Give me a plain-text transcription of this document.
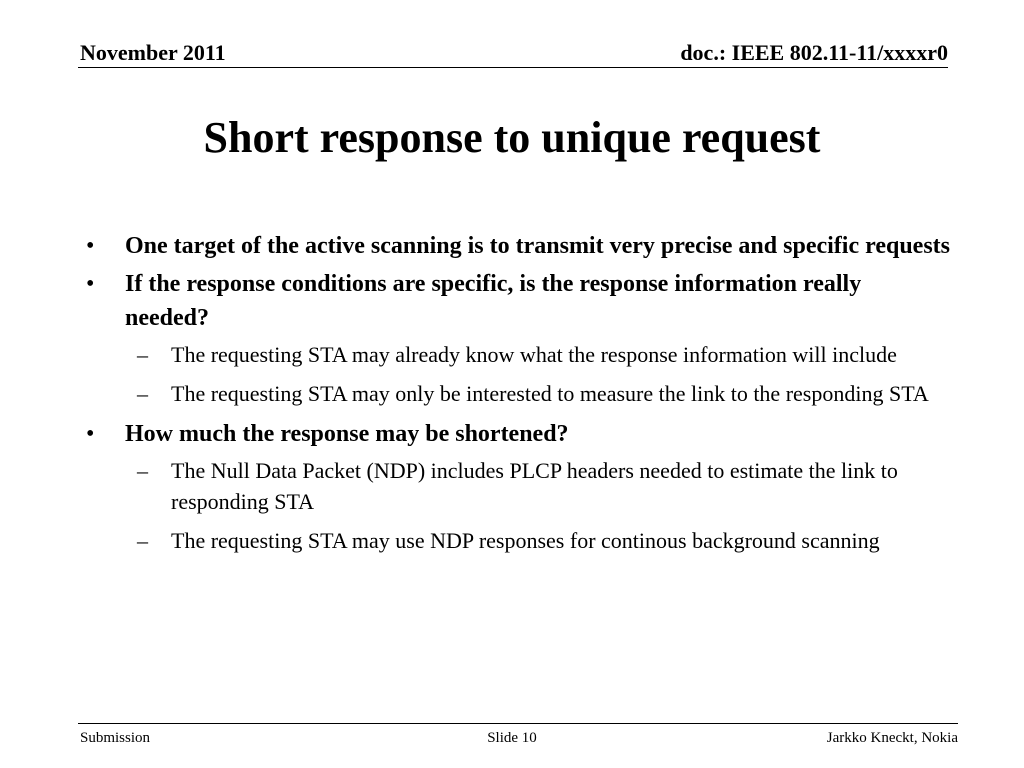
November 2011	doc.: IEEE 802.11-11/xxxxr0
Short response to unique request
• One target of the active scanning is to transmit very precise and specific requests
• If the response conditions are specific, is the response information really needed?
– The requesting STA may already know what the response information will include
– The requesting STA may only be interested to measure the link to the responding STA
• How much the response may be shortened?
– The Null Data Packet (NDP) includes PLCP headers needed to estimate the link to responding STA
– The requesting STA may use NDP responses for continous background scanning
Submission	Slide 10	Jarkko Kneckt, Nokia
